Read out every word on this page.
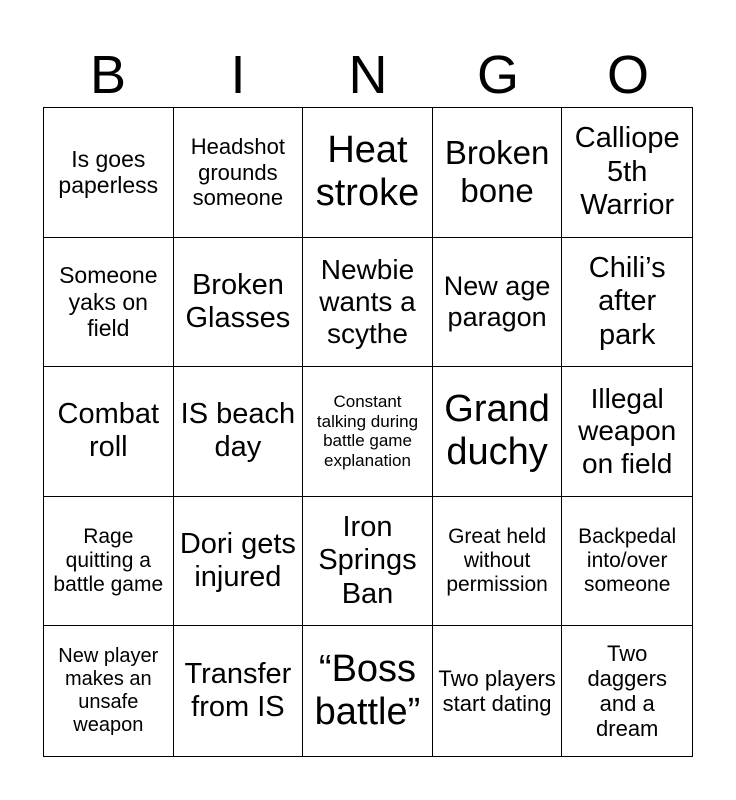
B	I	N	G	O
Is goes paperless
Headshot grounds someone
Heat stroke
Broken bone
Calliope 5th Warrior
Someone yaks on field
Broken Glasses
Newbie wants a scythe
New age paragon
Chili’s after park
Combat roll
IS beach day
Constant talking during battle game explanation
Grand duchy
Illegal weapon on field
Rage quitting a battle game
Dori gets injured
Iron Springs Ban
Great held without permission
Backpedal into/over someone
New player makes an unsafe weapon
Transfer from IS
“Boss battle”
Two players start dating
Two daggers and a dream
